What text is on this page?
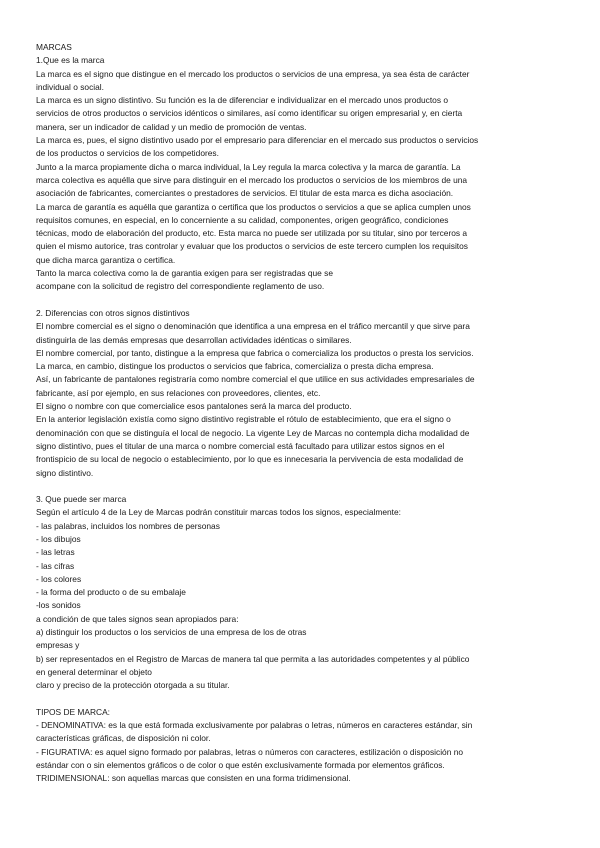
MARCAS

1.Que es la marca

La marca es el signo que distingue en el mercado los productos o servicios de una empresa, ya sea ésta de carácter
individual o social.

La marca es un signo distintivo. Su función es la de diferenciar e individualizar en el mercado unos productos o
servicios de otros productos o servicios idénticos o similares, así como identificar su origen empresarial y, en cierta
manera, ser un indicador de calidad y un medio de promoción de ventas.

La marca es, pues, el signo distintivo usado por el empresario para diferenciar en el mercado sus productos o servicios
de los productos o servicios de los competidores.

Junto a la marca propiamente dicha o marca individual, la Ley regula la marca colectiva y la marca de garantía. La
marca colectiva es aquélla que sirve para distinguir en el mercado los productos o servicios de los miembros de una
asociación de fabricantes, comerciantes o prestadores de servicios. El titular de esta marca es dicha asociación.

La marca de garantía es aquélla que garantiza o certifica que los productos o servicios a que se aplica cumplen unos
requisitos comunes, en especial, en lo concerniente a su calidad, componentes, origen geográfico, condiciones
técnicas, modo de elaboración del producto, etc. Esta marca no puede ser utilizada por su titular, sino por terceros a
quien el mismo autorice, tras controlar y evaluar que los productos o servicios de este tercero cumplen los requisitos
que dicha marca garantiza o certifica.

Tanto la marca colectiva como la de garantia exigen para ser registradas que se
acompane con la solicitud de registro del correspondiente reglamento de uso.

2. Diferencias con otros signos distintivos

El nombre comercial es el signo o denominación que identifica a una empresa en el tráfico mercantil y que sirve para
distinguirla de las demás empresas que desarrollan actividades idénticas o similares.

El nombre comercial, por tanto, distingue a la empresa que fabrica o comercializa los productos o presta los servicios.

La marca, en cambio, distingue los productos o servicios que fabrica, comercializa o presta dicha empresa.

Así, un fabricante de pantalones registraría como nombre comercial el que utilice en sus actividades empresariales de
fabricante, así por ejemplo, en sus relaciones con proveedores, clientes, etc.

El signo o nombre con que comercialice esos pantalones será la marca del producto.

En la anterior legislación existía como signo distintivo registrable el rótulo de establecimiento, que era el signo o
denominación con que se distinguía el local de negocio. La vigente Ley de Marcas no contempla dicha modalidad de
signo distintivo, pues el titular de una marca o nombre comercial está facultado para utilizar estos signos en el
frontispicio de su local de negocio o establecimiento, por lo que es innecesaria la pervivencia de esta modalidad de
signo distintivo.

3. Que puede ser marca

Según el artículo 4 de la Ley de Marcas podrán constituir marcas todos los signos, especialmente:

- las palabras, incluidos los nombres de personas

- los dibujos

- las letras

- las cifras

- los colores

- la forma del producto o de su embalaje

-los sonidos

a condición de que tales signos sean apropiados para:

a) distinguir los productos o los servicios de una empresa de los de otras
empresas y

b) ser representados en el Registro de Marcas de manera tal que permita a las autoridades competentes y al público
en general determinar el objeto
claro y preciso de la protección otorgada a su titular.

TIPOS DE MARCA:

- DENOMINATIVA: es la que está formada exclusivamente por palabras o letras, números en caracteres estándar, sin
características gráficas, de disposición ni color.

- FIGURATIVA: es aquel signo formado por palabras, letras o números con caracteres, estilización o disposición no
estándar con o sin elementos gráficos o de color o que estén exclusivamente formada por elementos gráficos.

TRIDIMENSIONAL: son aquellas marcas que consisten en una forma tridimensional.
